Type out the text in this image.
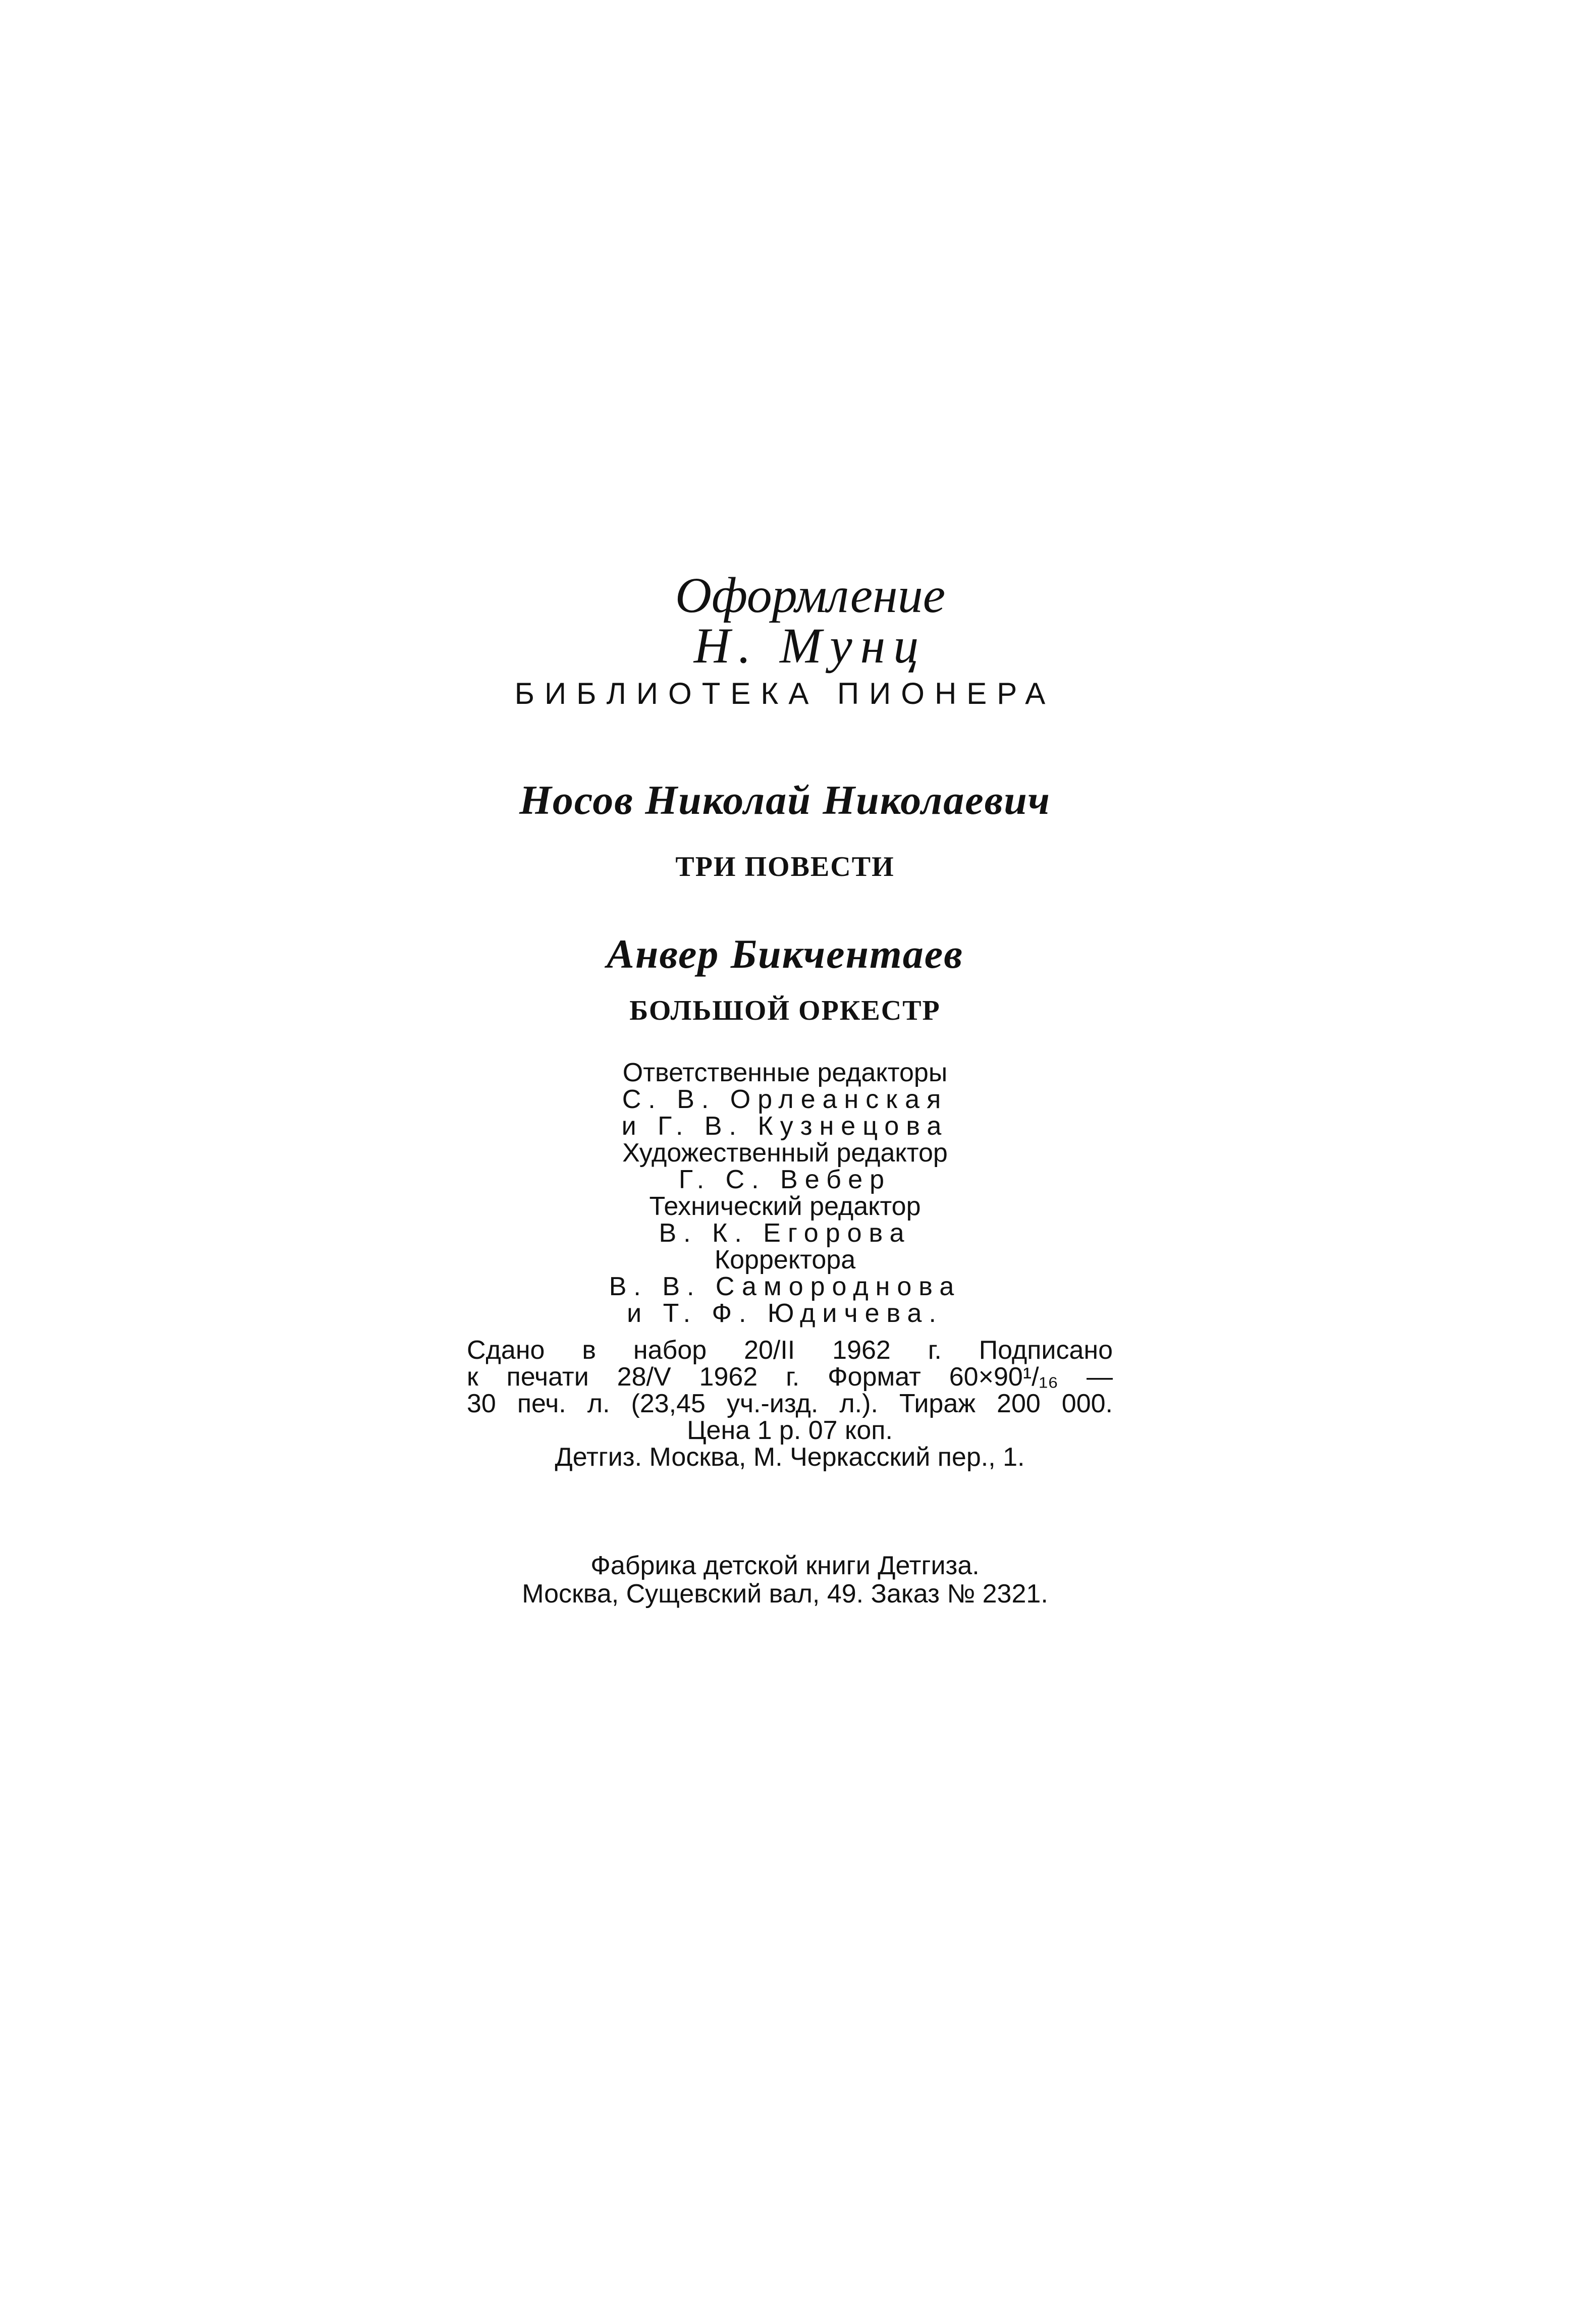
Оформление
Н. Мунц

БИБЛИОТЕКА ПИОНЕРА
Носов Николай Николаевич
ТРИ ПОВЕСТИ
Анвер Бикчентаев
БОЛЬШОЙ ОРКЕСТР
Ответственные редакторы
С. В. Орлеанская
и Г. В. Кузнецова
Художественный редактор
Г. С. Вебер
Технический редактор
В. К. Егорова
Корректора
В. В. Самороднова
и Т. Ф. Юдичева.
Сдано в набор 20/II 1962 г. Подписано
к печати 28/V 1962 г. Формат 60×90¹/₁₆ —
30 печ. л. (23,45 уч.-изд. л.). Тираж 200 000.
Цена 1 р. 07 коп.
Детгиз. Москва, М. Черкасский пер., 1.
Фабрика детской книги Детгиза.
Москва, Сущевский вал, 49. Заказ № 2321.
